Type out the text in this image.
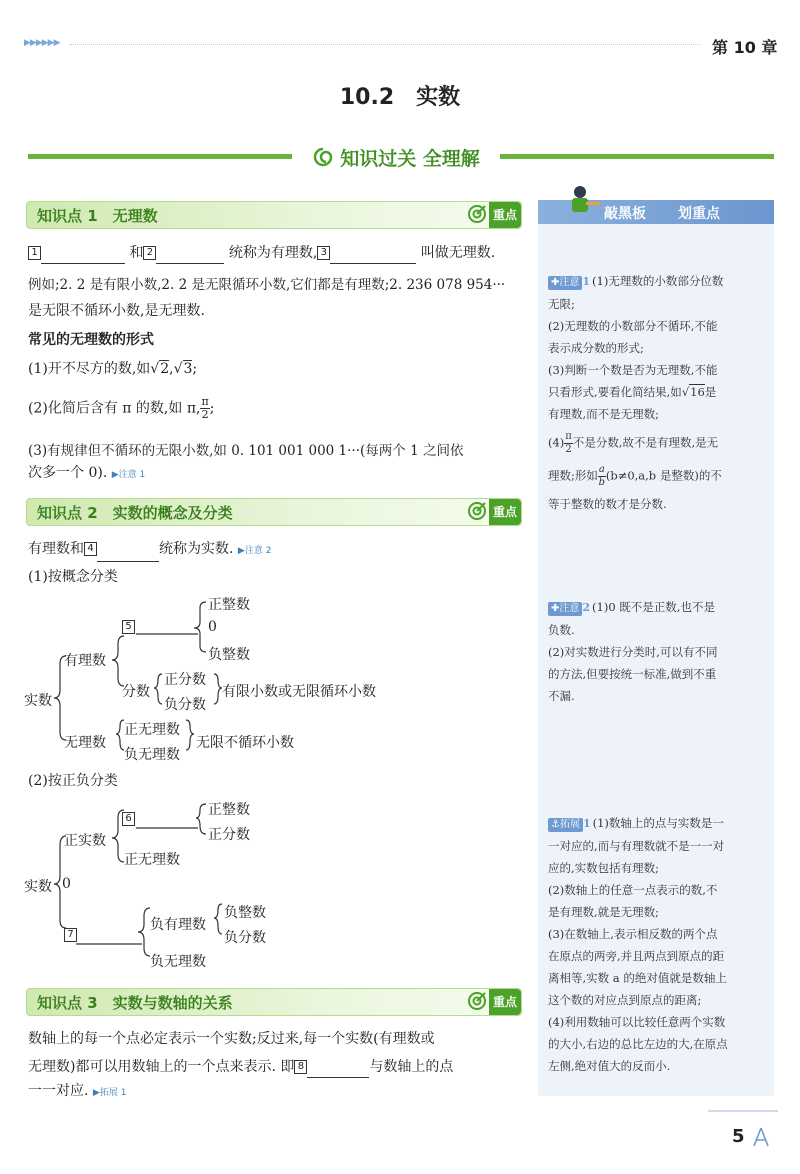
▶▶▶▶▶▶	第 10 章
10.2　实数
知识过关 全理解
知识点 1　无理数	重点
1	和 2	统称为有理数, 3	叫做无理数.
例如;2. 2 是有限小数,2. 2̇ 是无限循环小数,它们都是有理数;2. 236 078 954···
是无限不循环小数,是无理数.
常见的无理数的形式
(1)开不尽方的数,如√2,√3;
(2)化简后含有 π 的数,如 π, $\frac{\pi}{2}$ ;
(3)有规律但不循环的无限小数,如 0. 101 001 000 1···(每两个 1 之间依
次多一个 0). ▶注意 1
知识点 2　实数的概念及分类	重点
有理数和 4	统称为实数. ▶注意 2
(1)按概念分类
实数
有理数
5
正整数
0
负整数
分数
正分数
负分数
有限小数或无限循环小数
无理数
正无理数
负无理数
无限不循环小数
(2)按正负分类
实数
正实数
6
正整数
正分数
正无理数
0
7
负有理数
负整数
负分数
负无理数
知识点 3　实数与数轴的关系	重点
数轴上的每一个点必定表示一个实数;反过来,每一个实数(有理数或
无理数)都可以用数轴上的一个点来表示. 即 8	与数轴上的点
一一对应. ▶拓展 1
敲黑板 划重点
✚注意 1 (1)无理数的小数部分位数
无限;
(2)无理数的小数部分不循环,不能
表示成分数的形式;
(3)判断一个数是否为无理数,不能
只看形式,要看化简结果,如√16是
有理数,而不是无理数;
$(4) \frac{\pi}{2}$ 不是分数,故不是有理数,是无
理数;形如 $\frac{a}{b} (b\ne 0,a,b$ 是整数)的不
等于整数的数才是分数.
✚注意 2 (1)0 既不是正数,也不是
负数.
(2)对实数进行分类时,可以有不同
的方法,但要按统一标准,做到不重
不漏.
⚓拓展 1 (1)数轴上的点与实数是一
一对应的,而与有理数就不是一一对
应的,实数包括有理数;
(2)数轴上的任意一点表示的数,不
是有理数,就是无理数;
(3)在数轴上,表示相反数的两个点
在原点的两旁,并且两点到原点的距
离相等,实数 a 的绝对值就是数轴上
这个数的对应点到原点的距离;
(4)利用数轴可以比较任意两个实数
的大小,右边的总比左边的大,在原点
左侧,绝对值大的反而小.
5
